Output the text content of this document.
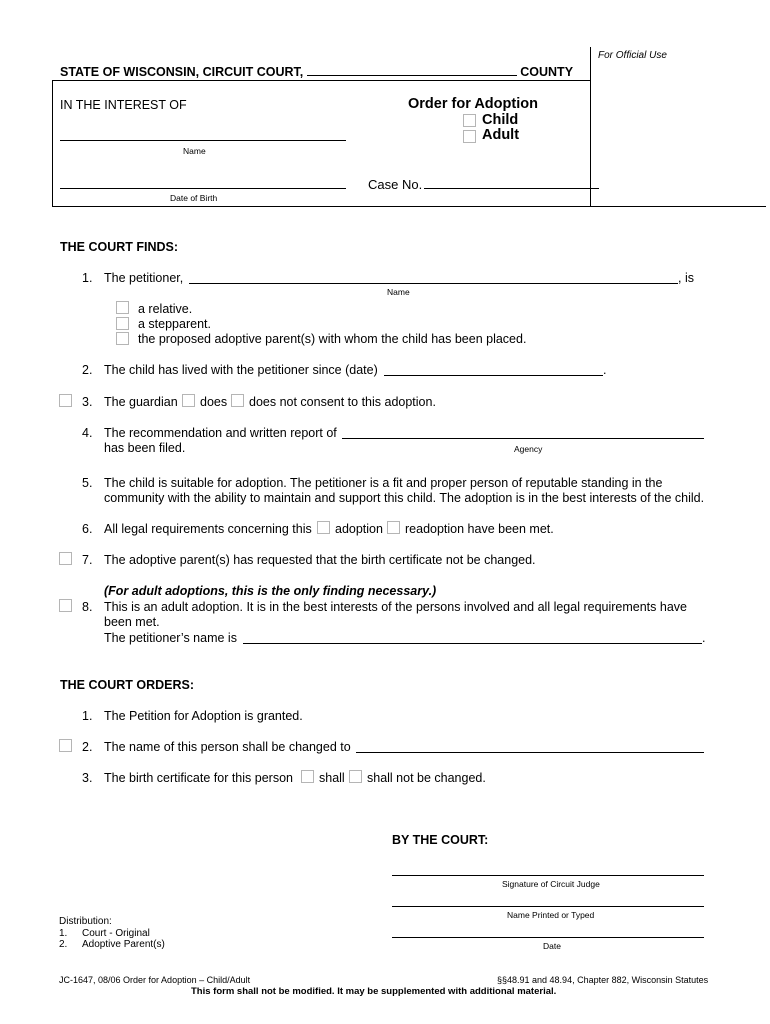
For Official Use
STATE OF WISCONSIN, CIRCUIT COURT,	COUNTY
IN THE INTEREST OF	Order for Adoption
Child
Adult
Name
Date of Birth
Case No.
THE COURT FINDS:
1. The petitioner,	, is
Name
a relative.
a stepparent.
the proposed adoptive parent(s) with whom the child has been placed.
2. The child has lived with the petitioner since (date)	.
3. The guardian does does not consent to this adoption.
4. The recommendation and written report of
has been filed.	Agency
5. The child is suitable for adoption. The petitioner is a fit and proper person of reputable standing in the
community with the ability to maintain and support this child. The adoption is in the best interests of the child.
6. All legal requirements concerning this adoption readoption have been met.
7. The adoptive parent(s) has requested that the birth certificate not be changed.
(For adult adoptions, this is the only finding necessary.)
8. This is an adult adoption. It is in the best interests of the persons involved and all legal requirements have
been met.
The petitioner’s name is	.
THE COURT ORDERS:
1. The Petition for Adoption is granted.
2. The name of this person shall be changed to
3. The birth certificate for this person shall shall not be changed.
BY THE COURT:
Signature of Circuit Judge
Name Printed or Typed
Date
Distribution:
1. Court - Original
2. Adoptive Parent(s)
JC-1647, 08/06 Order for Adoption – Child/Adult	§§48.91 and 48.94, Chapter 882, Wisconsin Statutes
This form shall not be modified. It may be supplemented with additional material.
